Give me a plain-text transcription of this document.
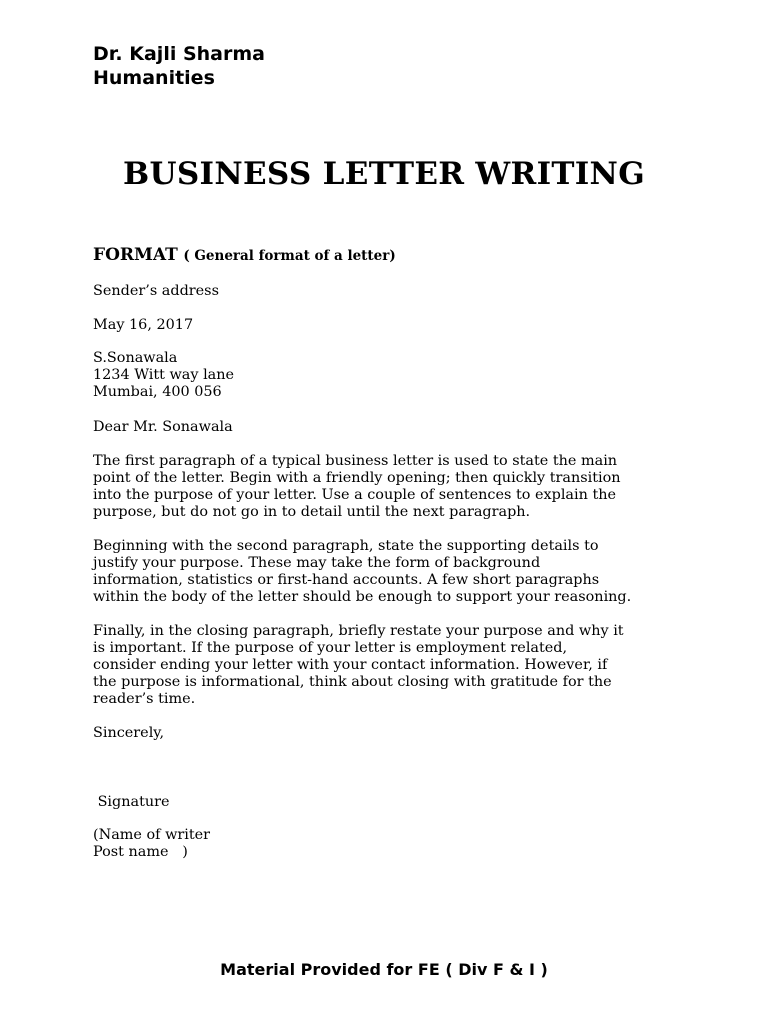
Dr. Kajli Sharma
Humanities
BUSINESS LETTER WRITING
FORMAT ( General format of a letter)
Sender’s address
May 16, 2017
S.Sonawala
1234 Witt way lane
Mumbai, 400 056
Dear Mr. Sonawala
The first paragraph of a typical business letter is used to state the main
point of the letter. Begin with a friendly opening; then quickly transition
into the purpose of your letter. Use a couple of sentences to explain the
purpose, but do not go in to detail until the next paragraph.
Beginning with the second paragraph, state the supporting details to
justify your purpose. These may take the form of background
information, statistics or first-hand accounts. A few short paragraphs
within the body of the letter should be enough to support your reasoning.
Finally, in the closing paragraph, briefly restate your purpose and why it
is important. If the purpose of your letter is employment related,
consider ending your letter with your contact information. However, if
the purpose is informational, think about closing with gratitude for the
reader’s time.
Sincerely,
Signature
(Name of writer
Post name   )
Material Provided for FE ( Div F & I )
